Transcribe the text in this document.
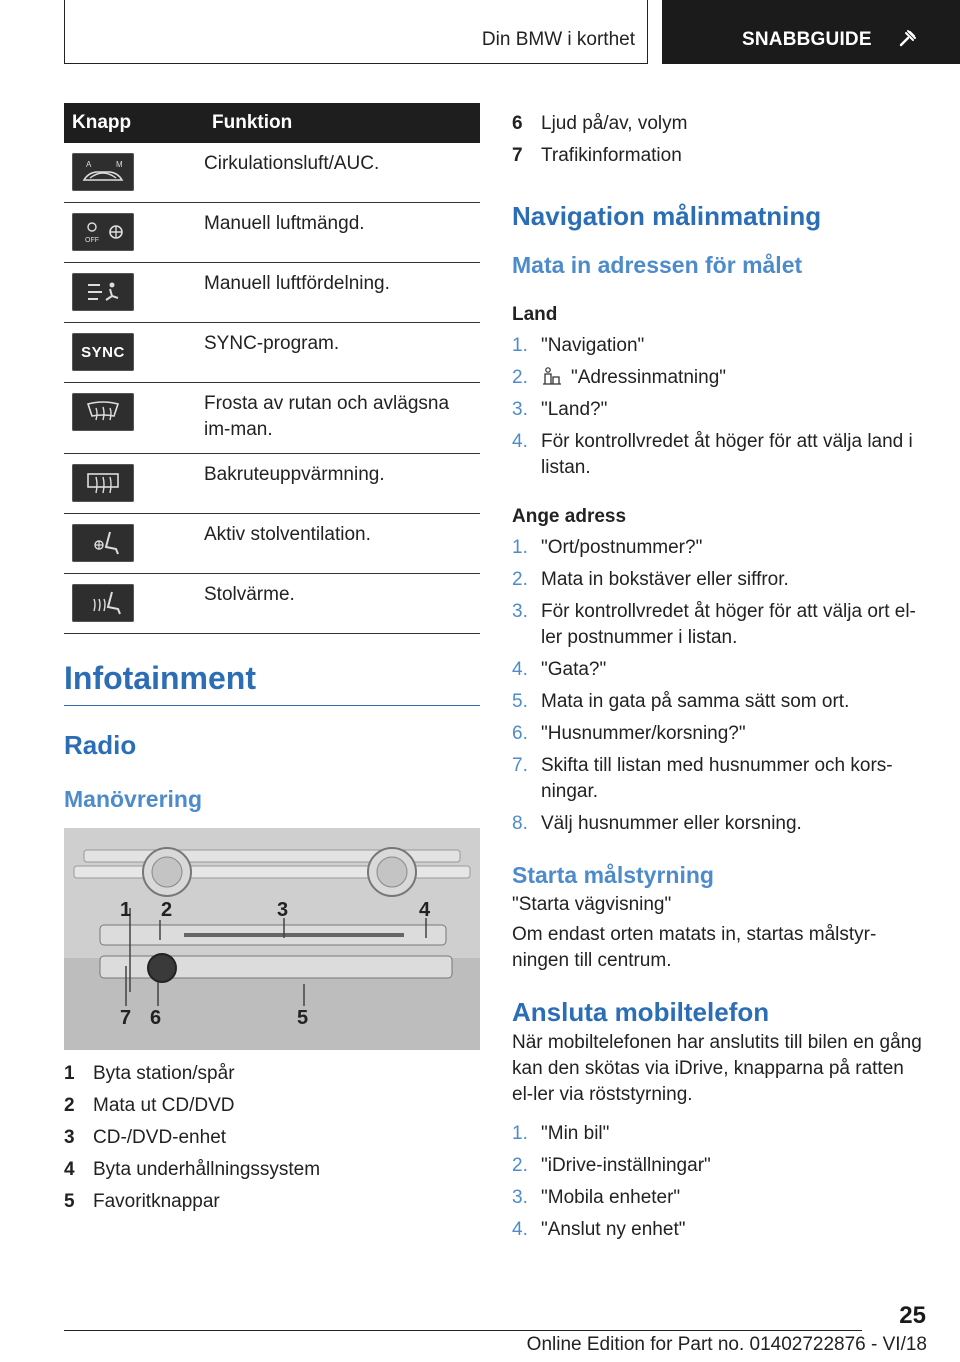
Din BMW i korthet	SNABBGUIDE
Knapp	Funktion

A M	Cirkulationsluft/AUC.

OFF	Manuell luftmängd.

	Manuell luftfördelning.

SYNC	SYNC-program.

	Frosta av rutan och avlägsna im-man.

	Bakruteuppvärmning.

	Aktiv stolventilation.

	Stolvärme.
Infotainment
Radio
Manövrering
1 2	3	4
7 6	5
1 Byta station/spår
2 Mata ut CD/DVD
3 CD-/DVD-enhet
4 Byta underhållningssystem
5 Favoritknappar
6 Ljud på/av, volym
7 Trafikinformation
Navigation målinmatning
Mata in adressen för målet
Land
1. "Navigation"
2.	"Adressinmatning"
3. "Land?"
4. För kontrollvredet åt höger för att välja land i listan.
Ange adress
1. "Ort/postnummer?"
2. Mata in bokstäver eller siffror.
3. För kontrollvredet åt höger för att välja ort el-ler postnummer i listan.
4. "Gata?"
5. Mata in gata på samma sätt som ort.
6. "Husnummer/korsning?"
7. Skifta till listan med husnummer och kors-ningar.
8. Välj husnummer eller korsning.
Starta målstyrning

"Starta vägvisning"

Om endast orten matats in, startas målstyr-ningen till centrum.

Ansluta mobiltelefon

När mobiltelefonen har anslutits till bilen en gång kan den skötas via iDrive, knapparna på ratten el-ler via röststyrning.

1. "Min bil"
2. "iDrive-inställningar"
3. "Mobila enheter"
4. "Anslut ny enhet"
25
Online Edition for Part no. 01402722876 - VI/18
